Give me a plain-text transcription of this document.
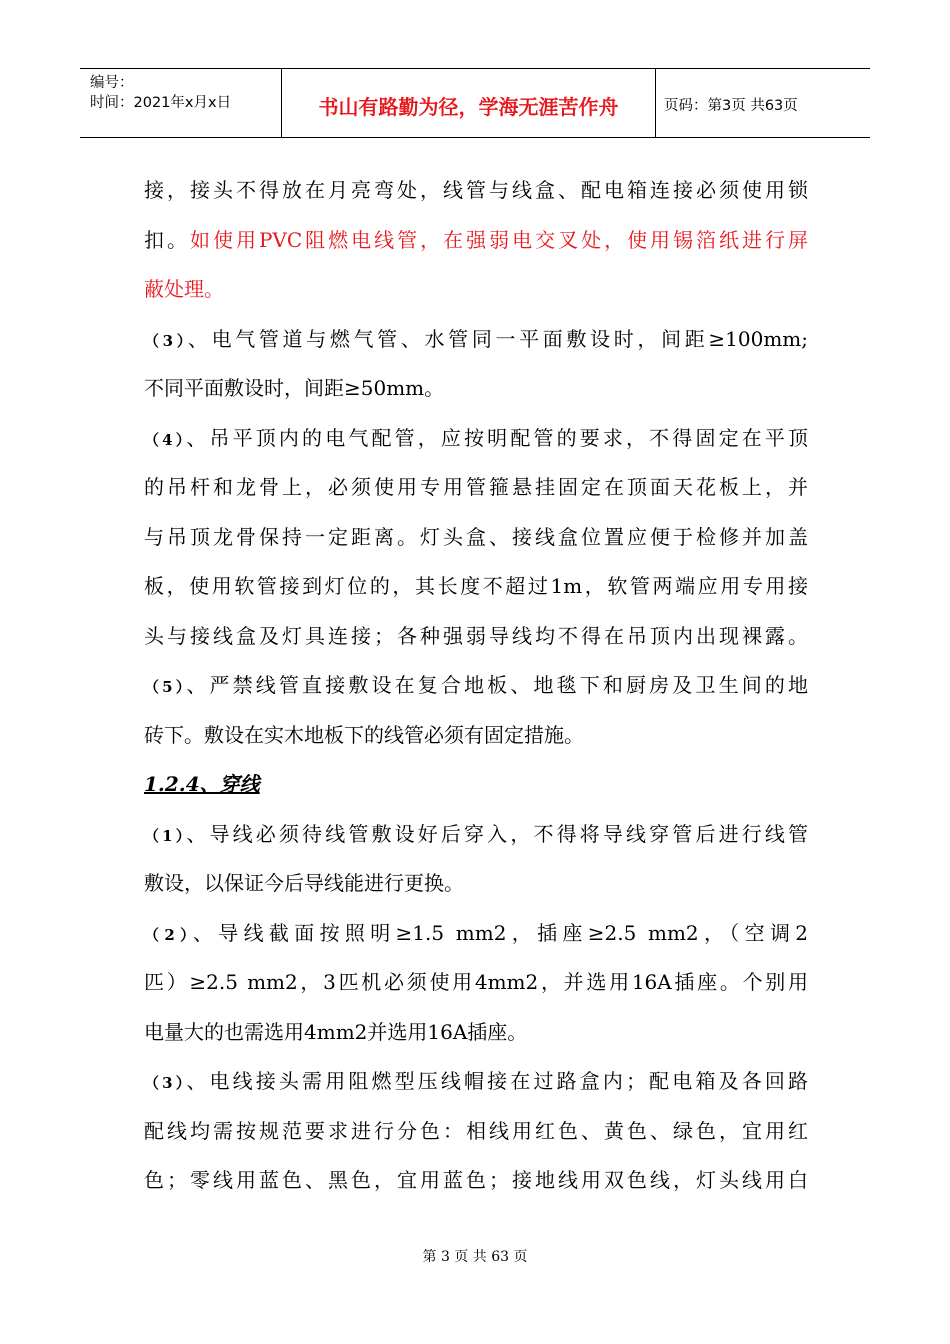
编号：
时间：2021年x月x日	书山有路勤为径，学海无涯苦作舟	页码：第3页 共63页
接，接头不得放在月亮弯处，线管与线盒、配电箱连接必须使用锁
扣。如使用PVC阻燃电线管，在强弱电交叉处，使用锡箔纸进行屏
蔽处理。
（3）、电气管道与燃气管、水管同一平面敷设时，间距≥100mm;
不同平面敷设时，间距≥50mm。
（4）、吊平顶内的电气配管，应按明配管的要求，不得固定在平顶
的吊杆和龙骨上，必须使用专用管箍悬挂固定在顶面天花板上，并
与吊顶龙骨保持一定距离。灯头盒、接线盒位置应便于检修并加盖
板，使用软管接到灯位的，其长度不超过1m，软管两端应用专用接
头与接线盒及灯具连接；各种强弱导线均不得在吊顶内出现裸露。
（5）、严禁线管直接敷设在复合地板、地毯下和厨房及卫生间的地
砖下。敷设在实木地板下的线管必须有固定措施。
1.2.4、穿线
（1）、导线必须待线管敷设好后穿入，不得将导线穿管后进行线管
敷设，以保证今后导线能进行更换。
（2）、导线截面按照明≥1.5 mm2，插座≥2.5 mm2，（空调2
匹）≥2.5 mm2，3匹机必须使用4mm2，并选用16A插座。个别用
电量大的也需选用4mm2并选用16A插座。
（3）、电线接头需用阻燃型压线帽接在过路盒内；配电箱及各回路
配线均需按规范要求进行分色：相线用红色、黄色、绿色，宜用红
色；零线用蓝色、黑色，宜用蓝色；接地线用双色线，灯头线用白
第 3 页 共 63 页
